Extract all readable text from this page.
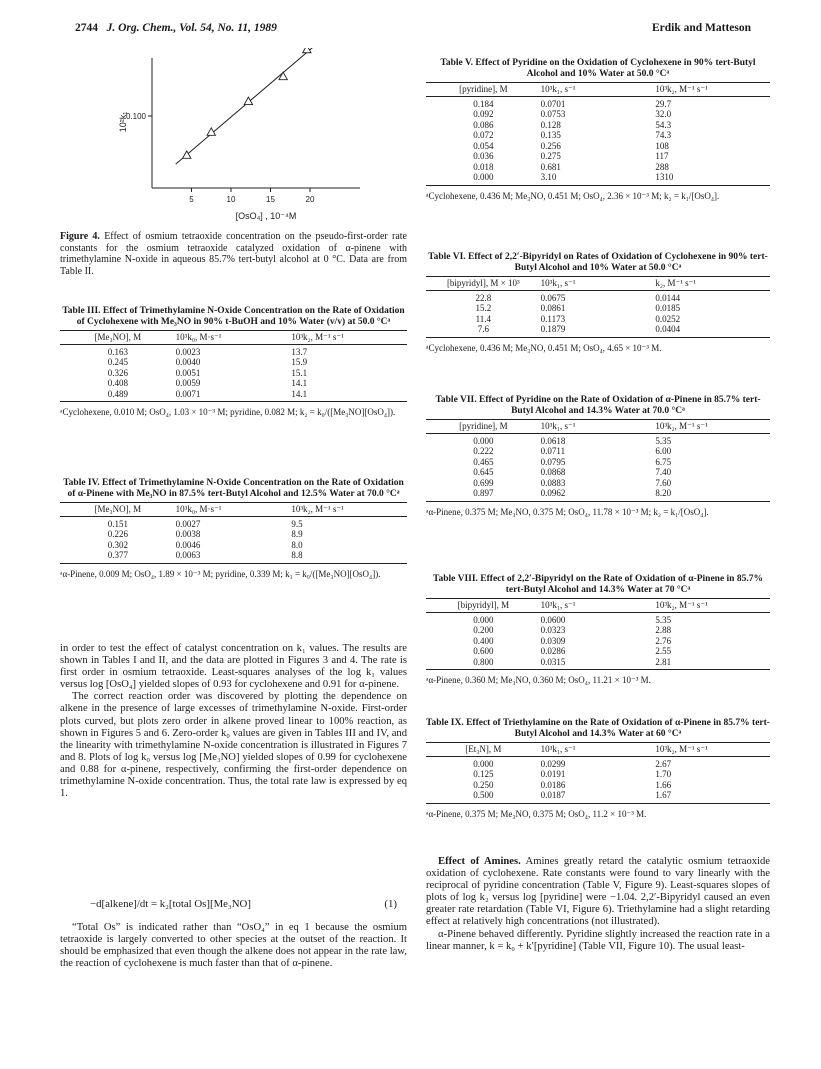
2744 J. Org. Chem., Vol. 54, No. 11, 1989	Erdik and Matteson
0.100
10²k₁
5	10	15	20
[OsO₄] , 10⁻⁴M
Figure 4. Effect of osmium tetraoxide concentration on the pseudo-first-order rate constants for the osmium tetraoxide catalyzed oxidation of α-pinene with trimethylamine N-oxide in aqueous 85.7% tert-butyl alcohol at 0 °C. Data are from Table II.
Table III. Effect of Trimethylamine N-Oxide Concentration on the Rate of Oxidation of Cyclohexene with Me₃NO in 90% t-BuOH and 10% Water (v/v) at 50.0 °Cᵃ
[Me₃NO], M	10³k₀, M·s⁻¹	10³k₂, M⁻¹ s⁻¹
0.163	0.0023	13.7
0.245	0.0040	15.9
0.326	0.0051	15.1
0.408	0.0059	14.1
0.489	0.0071	14.1
ᵃCyclohexene, 0.010 M; OsO₄, 1.03 × 10⁻³ M; pyridine, 0.082 M; k₂ = k₀/([Me₃NO][OsO₄]).
Table IV. Effect of Trimethylamine N-Oxide Concentration on the Rate of Oxidation of α-Pinene with Me₃NO in 87.5% tert-Butyl Alcohol and 12.5% Water at 70.0 °Cᵃ
[Me₃NO], M	10³k₀, M·s⁻¹	10³k₂, M⁻¹ s⁻¹
0.151	0.0027	9.5
0.226	0.0038	8.9
0.302	0.0046	8.0
0.377	0.0063	8.8
ᵃα-Pinene, 0.009 M; OsO₄, 1.89 × 10⁻³ M; pyridine, 0.339 M; k₁ = k₀/([Me₃NO][OsO₄]).

in order to test the effect of catalyst concentration on k₁ values. The results are shown in Tables I and II, and the data are plotted in Figures 3 and 4. The rate is first order in osmium tetraoxide. Least-squares analyses of the log k₁ values versus log [OsO₄] yielded slopes of 0.93 for cyclohexene and 0.91 for α-pinene.

The correct reaction order was discovered by plotting the dependence on alkene in the presence of large excesses of trimethylamine N-oxide. First-order plots curved, but plots zero order in alkene proved linear to 100% reaction, as shown in Figures 5 and 6. Zero-order k₀ values are given in Tables III and IV, and the linearity with trimethylamine N-oxide concentration is illustrated in Figures 7 and 8. Plots of log k₀ versus log [Me₃NO] yielded slopes of 0.99 for cyclohexene and 0.88 for α-pinene, respectively, confirming the first-order dependence on trimethylamine N-oxide concentration. Thus, the total rate law is expressed by eq 1.

−d[alkene]/dt = k₂[total Os][Me₃NO]	(1)

“Total Os” is indicated rather than “OsO₄” in eq 1 because the osmium tetraoxide is largely converted to other species at the outset of the reaction. It should be emphasized that even though the alkene does not appear in the rate law, the reaction of cyclohexene is much faster than that of α-pinene.

Table V. Effect of Pyridine on the Oxidation of Cyclohexene in 90% tert-Butyl Alcohol and 10% Water at 50.0 °Cᵃ
[pyridine], M	10³k₁, s⁻¹	10³k₂, M⁻¹ s⁻¹
0.184	0.0701	29.7
0.092	0.0753	32.0
0.086	0.128	54.3
0.072	0.135	74.3
0.054	0.256	108
0.036	0.275	117
0.018	0.681	288
0.000	3.10	1310
ᵃCyclohexene, 0.436 M; Me₃NO, 0.451 M; OsO₄, 2.36 × 10⁻³ M; k₂ = k₁/[OsO₄].
Table VI. Effect of 2,2′-Bipyridyl on Rates of Oxidation of Cyclohexene in 90% tert-Butyl Alcohol and 10% Water at 50.0 °Cᵃ
[bipyridyl], M × 10³	10³k₁, s⁻¹	k₂, M⁻¹ s⁻¹
22.8	0.0675	0.0144
15.2	0.0861	0.0185
11.4	0.1173	0.0252
7.6	0.1879	0.0404
ᵃCyclohexene, 0.436 M; Me₃NO, 0.451 M; OsO₄, 4.65 × 10⁻³ M.
Table VII. Effect of Pyridine on the Rate of Oxidation of α-Pinene in 85.7% tert-Butyl Alcohol and 14.3% Water at 70.0 °Cᵃ
[pyridine], M	10³k₁, s⁻¹	10³k₂, M⁻¹ s⁻¹
0.000	0.0618	5.35
0.222	0.0711	6.00
0.465	0.0795	6.75
0.645	0.0868	7.40
0.699	0.0883	7.60
0.897	0.0962	8.20
ᵃα-Pinene, 0.375 M; Me₃NO, 0.375 M; OsO₄, 11.78 × 10⁻³ M; k₂ = k₁/[OsO₄].
Table VIII. Effect of 2,2′-Bipyridyl on the Rate of Oxidation of α-Pinene in 85.7% tert-Butyl Alcohol and 14.3% Water at 70 °Cᵃ
[bipyridyl], M	10³k₁, s⁻¹	10³k₂, M⁻¹ s⁻¹
0.000	0.0600	5.35
0.200	0.0323	2.88
0.400	0.0309	2.76
0.600	0.0286	2.55
0.800	0.0315	2.81
ᵃα-Pinene, 0.360 M; Me₃NO, 0.360 M; OsO₄, 11.21 × 10⁻³ M.
Table IX. Effect of Triethylamine on the Rate of Oxidation of α-Pinene in 85.7% tert-Butyl Alcohol and 14.3% Water at 60 °Cᵃ
[Et₃N], M	10³k₁, s⁻¹	10³k₂, M⁻¹ s⁻¹
0.000	0.0299	2.67
0.125	0.0191	1.70
0.250	0.0186	1.66
0.500	0.0187	1.67
ᵃα-Pinene, 0.375 M; Me₃NO, 0.375 M; OsO₄, 11.2 × 10⁻³ M.

Effect of Amines. Amines greatly retard the catalytic osmium tetraoxide oxidation of cyclohexene. Rate constants were found to vary linearly with the reciprocal of pyridine concentration (Table V, Figure 9). Least-squares slopes of plots of log k₂ versus log [pyridine] were −1.04. 2,2′-Bipyridyl caused an even greater rate retardation (Table VI, Figure 6). Triethylamine had a slight retarding effect at relatively high concentrations (not illustrated).

α-Pinene behaved differently. Pyridine slightly increased the reaction rate in a linear manner, k = k₀ + k′[pyridine] (Table VII, Figure 10). The usual least-
